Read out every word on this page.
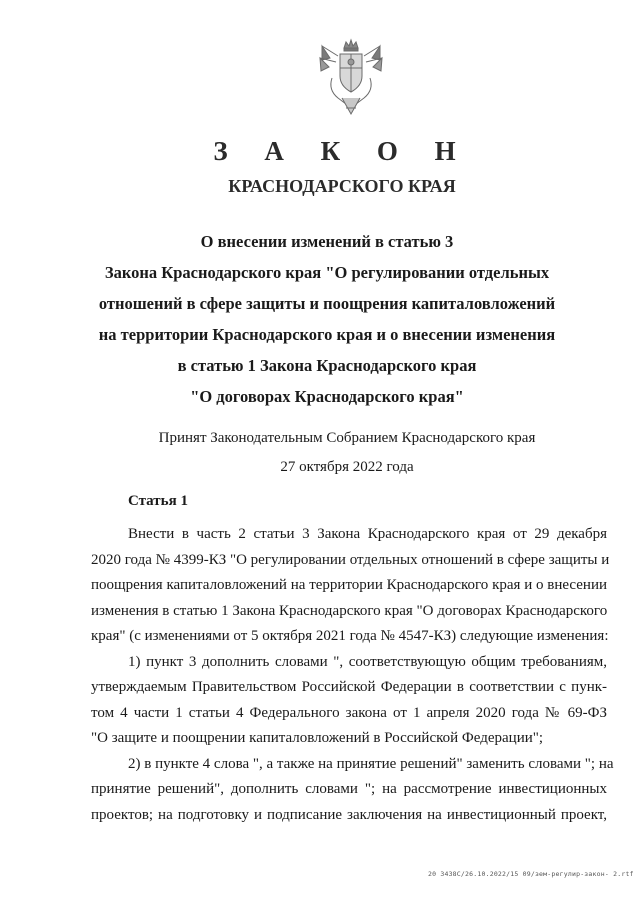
З А К О Н
КРАСНОДАРСКОГО КРАЯ
О внесении изменений в статью 3
Закона Краснодарского края "О регулировании отдельных
отношений в сфере защиты и поощрения капиталовложений
на территории Краснодарского края и о внесении изменения
в статью 1 Закона Краснодарского края
"О договорах Краснодарского края"
Принят Законодательным Собранием Краснодарского края
27 октября 2022 года
Статья 1
Внести в часть 2 статьи 3 Закона Краснодарского края от 29 декабря
2020 года № 4399-КЗ "О регулировании отдельных отношений в сфере защиты и
поощрения капиталовложений на территории Краснодарского края и о внесении
изменения в статью 1 Закона Краснодарского края "О договорах Краснодарского
края" (с изменениями от 5 октября 2021 года № 4547-КЗ) следующие изменения:
1) пункт 3 дополнить словами ", соответствующую общим требованиям,
утверждаемым Правительством Российской Федерации в соответствии с пунк-
том 4 части 1 статьи 4 Федерального закона от 1 апреля 2020 года № 69-ФЗ
"О защите и поощрении капиталовложений в Российской Федерации";
2) в пункте 4 слова ", а также на принятие решений" заменить словами "; на
принятие решений", дополнить словами "; на рассмотрение инвестиционных
проектов; на подготовку и подписание заключения на инвестиционный проект,
20 3438С/26.10.2022/15 09/зем-регулир-закон- 2.rtf
